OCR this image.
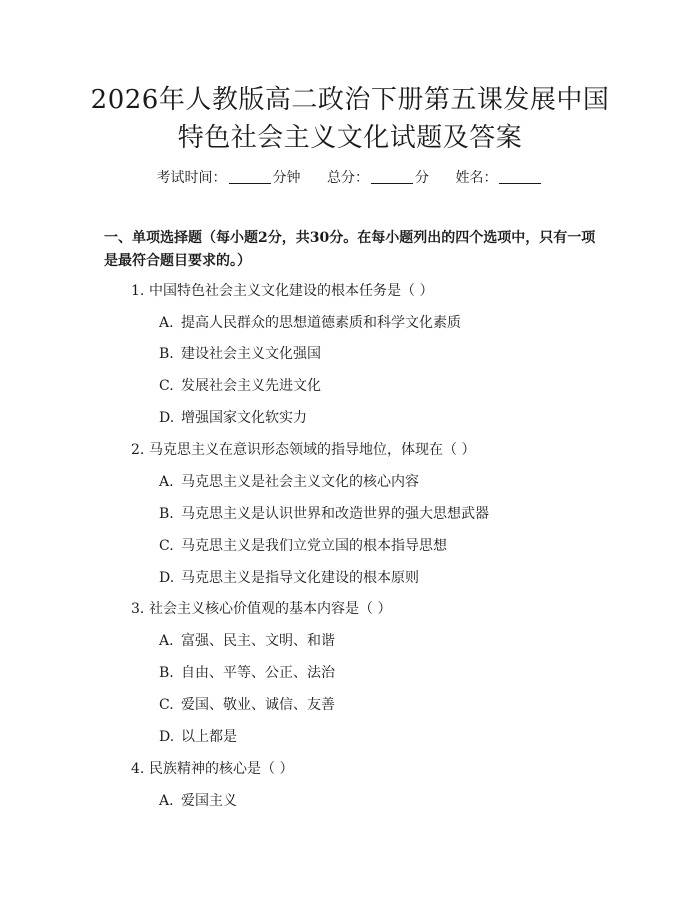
2026年人教版高二政治下册第五课发展中国
特色社会主义文化试题及答案
考试时间：	分钟 总分：	分 姓名：
一、单项选择题（每小题2分，共30分。在每小题列出的四个选项中，只有一项是最符合题目要求的。）
1. 中国特色社会主义文化建设的根本任务是（ ）
A. 提高人民群众的思想道德素质和科学文化素质
B. 建设社会主义文化强国
C. 发展社会主义先进文化
D. 增强国家文化软实力
2. 马克思主义在意识形态领域的指导地位，体现在（ ）
A. 马克思主义是社会主义文化的核心内容
B. 马克思主义是认识世界和改造世界的强大思想武器
C. 马克思主义是我们立党立国的根本指导思想
D. 马克思主义是指导文化建设的根本原则
3. 社会主义核心价值观的基本内容是（ ）
A. 富强、民主、文明、和谐
B. 自由、平等、公正、法治
C. 爱国、敬业、诚信、友善
D. 以上都是
4. 民族精神的核心是（ ）
A. 爱国主义
